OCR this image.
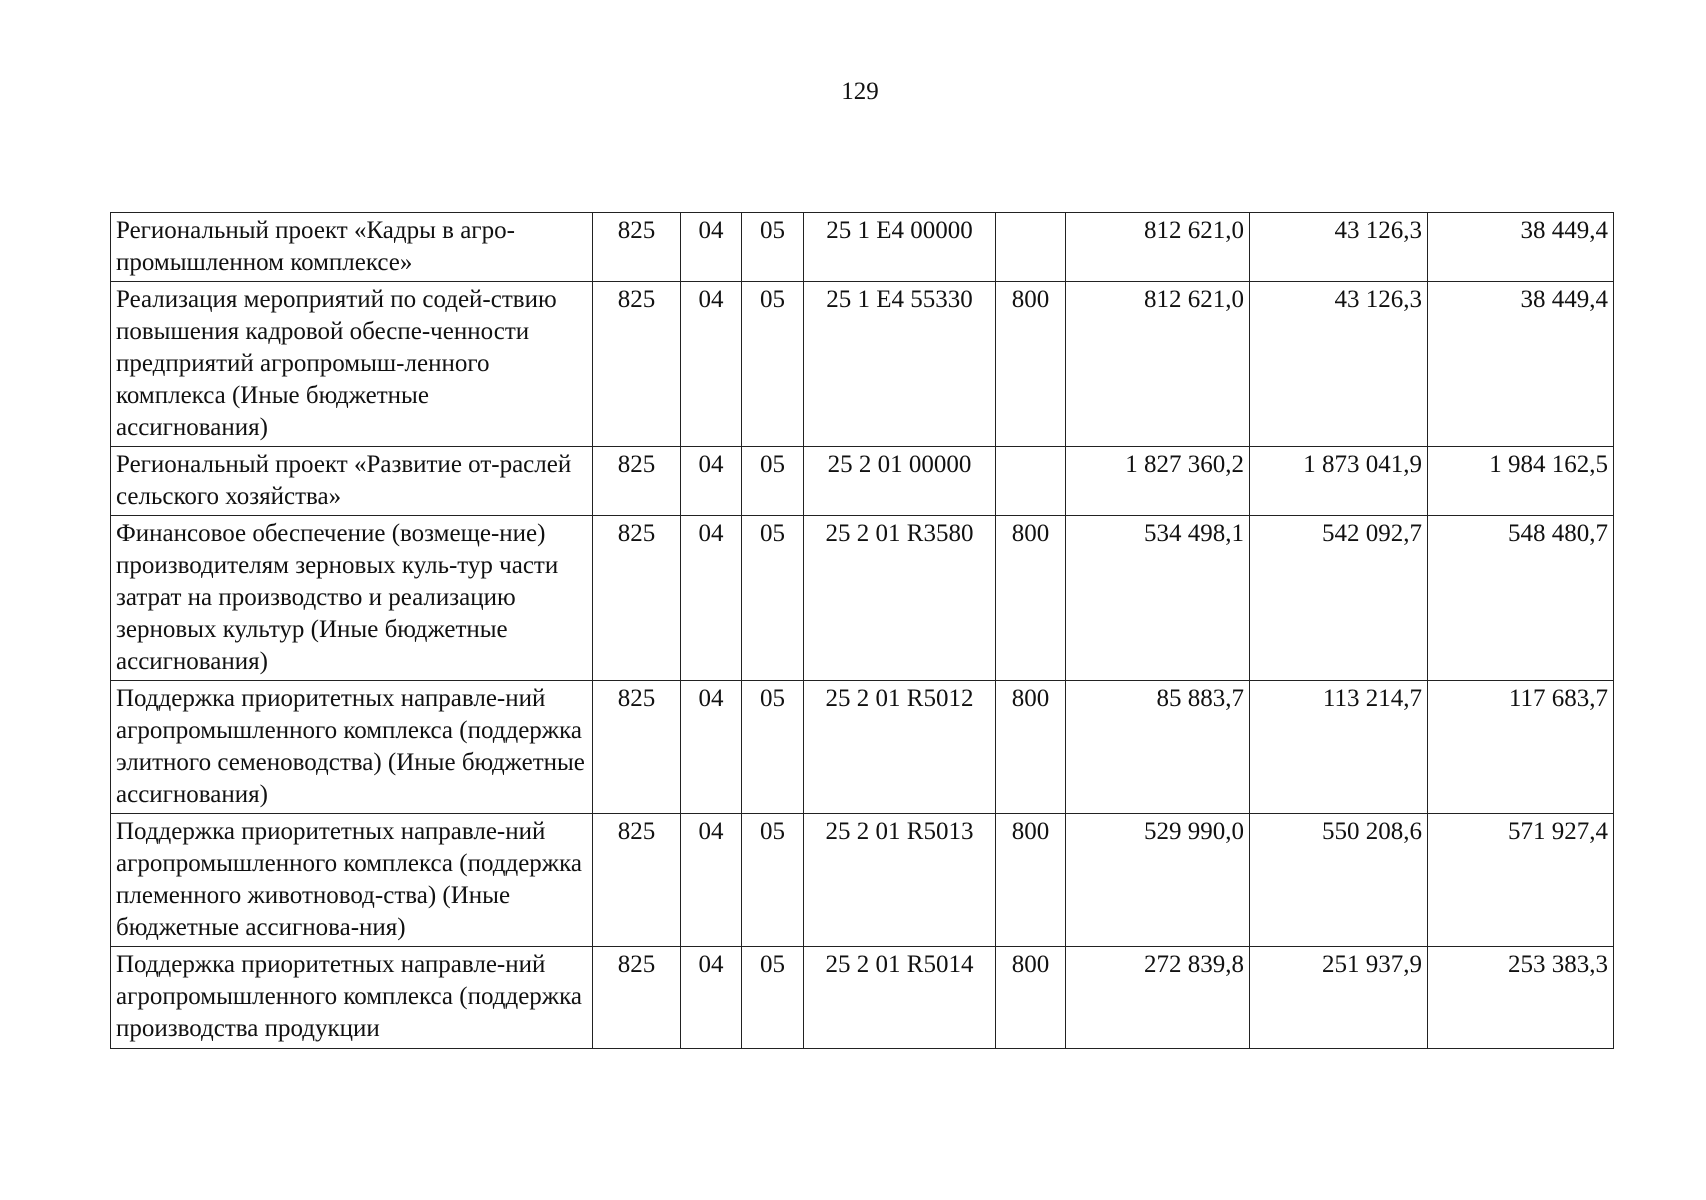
129
Региональный проект «Кадры в агро-промышленном комплексе»	825	04	05	25 1 E4 00000		812 621,0	43 126,3	38 449,4
Реализация мероприятий по содей-ствию повышения кадровой обеспе-ченности предприятий агропромыш-ленного комплекса (Иные бюджетные ассигнования)	825	04	05	25 1 E4 55330	800	812 621,0	43 126,3	38 449,4
Региональный проект «Развитие от-раслей сельского хозяйства»	825	04	05	25 2 01 00000		1 827 360,2	1 873 041,9	1 984 162,5
Финансовое обеспечение (возмеще-ние) производителям зерновых куль-тур части затрат на производство и реализацию зерновых культур (Иные бюджетные ассигнования)	825	04	05	25 2 01 R3580	800	534 498,1	542 092,7	548 480,7
Поддержка приоритетных направле-ний агропромышленного комплекса (поддержка элитного семеноводства) (Иные бюджетные ассигнования)	825	04	05	25 2 01 R5012	800	85 883,7	113 214,7	117 683,7
Поддержка приоритетных направле-ний агропромышленного комплекса (поддержка племенного животновод-ства) (Иные бюджетные ассигнова-ния)	825	04	05	25 2 01 R5013	800	529 990,0	550 208,6	571 927,4
Поддержка приоритетных направле-ний агропромышленного комплекса (поддержка производства продукции	825	04	05	25 2 01 R5014	800	272 839,8	251 937,9	253 383,3
